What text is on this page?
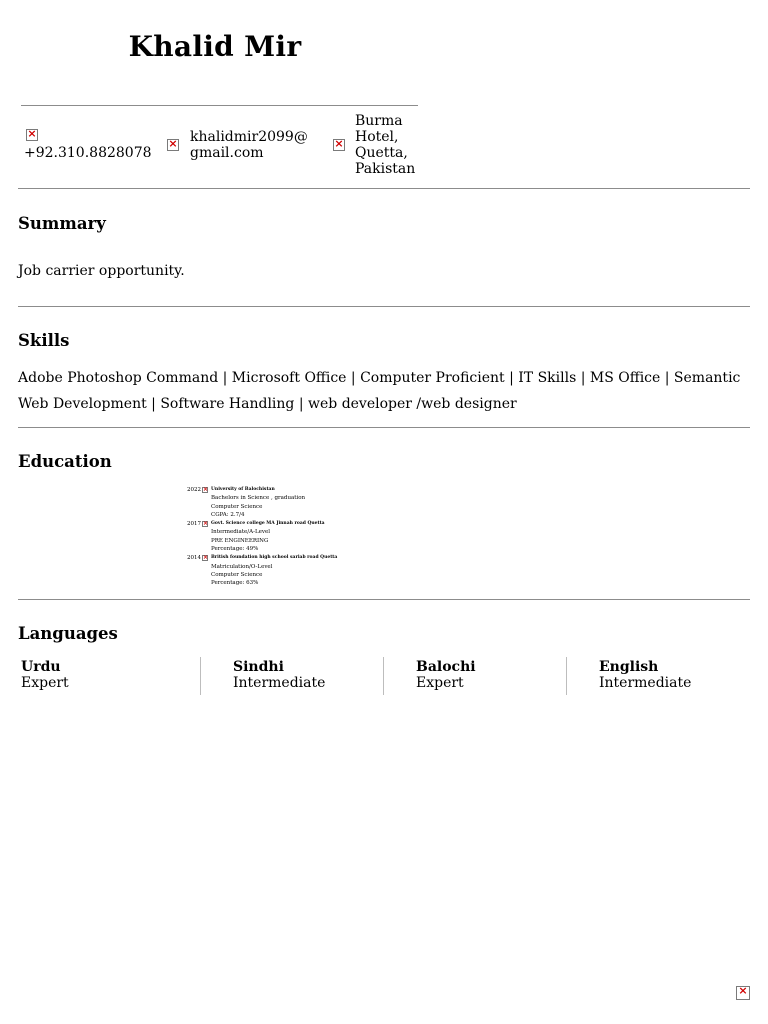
Khalid Mir
×
+92.310.8828078
×
khalidmir2099@gmail.com
×
Burma Hotel, Quetta, Pakistan
Summary
Job carrier opportunity.
Skills
Adobe Photoshop Command | Microsoft Office | Computer Proficient | IT Skills | MS Office | Semantic Web Development | Software Handling | web developer /web designer
Education
2022 × University of Balochistan
Bachelors in Science , graduation
Computer Science
CGPA: 2.7/4
2017 × Govt. Science college MA Jinnah road Quetta
Intermediate/A-Level
PRE ENGINEERING
Percentage: 49%
2014 × British foundation high school sariab road Quetta
Matriculation/O-Level
Computer Science
Percentage: 63%
Languages
Urdu
Expert
Sindhi
Intermediate
Balochi
Expert
English
Intermediate
×
